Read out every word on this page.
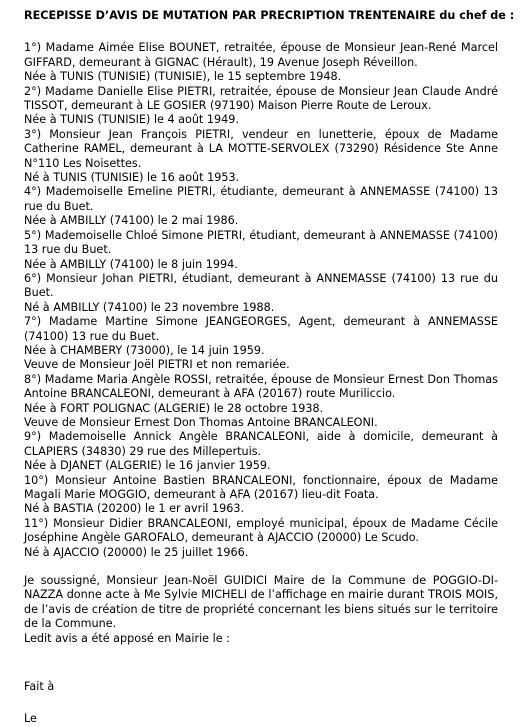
RECEPISSE D’AVIS DE MUTATION PAR PRECRIPTION TRENTENAIRE du chef de :

1°) Madame Aimée Elise BOUNET, retraitée, épouse de Monsieur Jean-René Marcel GIFFARD, demeurant à GIGNAC (Hérault), 19 Avenue Joseph Réveillon.

Née à TUNIS (TUNISIE) (TUNISIE), le 15 septembre 1948.

2°) Madame Danielle Elise PIETRI, retraitée, épouse de Monsieur Jean Claude André TISSOT, demeurant à LE GOSIER (97190) Maison Pierre Route de Leroux.

Née à TUNIS (TUNISIE) le 4 août 1949.

3°) Monsieur Jean François PIETRI, vendeur en lunetterie, époux de Madame Catherine RAMEL, demeurant à LA MOTTE-SERVOLEX (73290) Résidence Ste Anne N°110 Les Noisettes.

Né à TUNIS (TUNISIE) le 16 août 1953.

4°) Mademoiselle Emeline PIETRI, étudiante, demeurant à ANNEMASSE (74100) 13 rue du Buet.

Née à AMBILLY (74100) le 2 mai 1986.

5°) Mademoiselle Chloé Simone PIETRI, étudiant, demeurant à ANNEMASSE (74100) 13 rue du Buet.

Née à AMBILLY (74100) le 8 juin 1994.

6°) Monsieur Johan PIETRI, étudiant, demeurant à ANNEMASSE (74100) 13 rue du Buet.

Né à AMBILLY (74100) le 23 novembre 1988.

7°) Madame Martine Simone JEANGEORGES, Agent, demeurant à ANNEMASSE (74100) 13 rue du Buet.

Née à CHAMBERY (73000), le 14 juin 1959.

Veuve de Monsieur Joël PIETRI et non remariée.

8°) Madame Maria Angèle ROSSI, retraitée, épouse de Monsieur Ernest Don Thomas Antoine BRANCALEONI, demeurant à AFA (20167) route Muriliccio.

Née à FORT POLIGNAC (ALGERIE) le 28 octobre 1938.

Veuve de Monsieur Ernest Don Thomas Antoine BRANCALEONI.

9°) Mademoiselle Annick Angèle BRANCALEONI, aide à domicile, demeurant à CLAPIERS (34830) 29 rue des Millepertuis.

Née à DJANET (ALGERIE) le 16 janvier 1959.

10°) Monsieur Antoine Bastien BRANCALEONI, fonctionnaire, époux de Madame Magali Marie MOGGIO, demeurant à AFA (20167) lieu-dit Foata.

Né à BASTIA (20200) le 1 er avril 1963.

11°) Monsieur Didier BRANCALEONI, employé municipal, époux de Madame Cécile Joséphine Angèle GAROFALO, demeurant à AJACCIO (20000) Le Scudo.

Né à AJACCIO (20000) le 25 juillet 1966.

Je soussigné, Monsieur Jean-Noël GUIDICI Maire de la Commune de POGGIO-DI-NAZZA donne acte à Me Sylvie MICHELI de l’affichage en mairie durant TROIS MOIS, de l’avis de création de titre de propriété concernant les biens situés sur le territoire de la Commune.

Ledit avis a été apposé en Mairie le :

Fait à
Le
